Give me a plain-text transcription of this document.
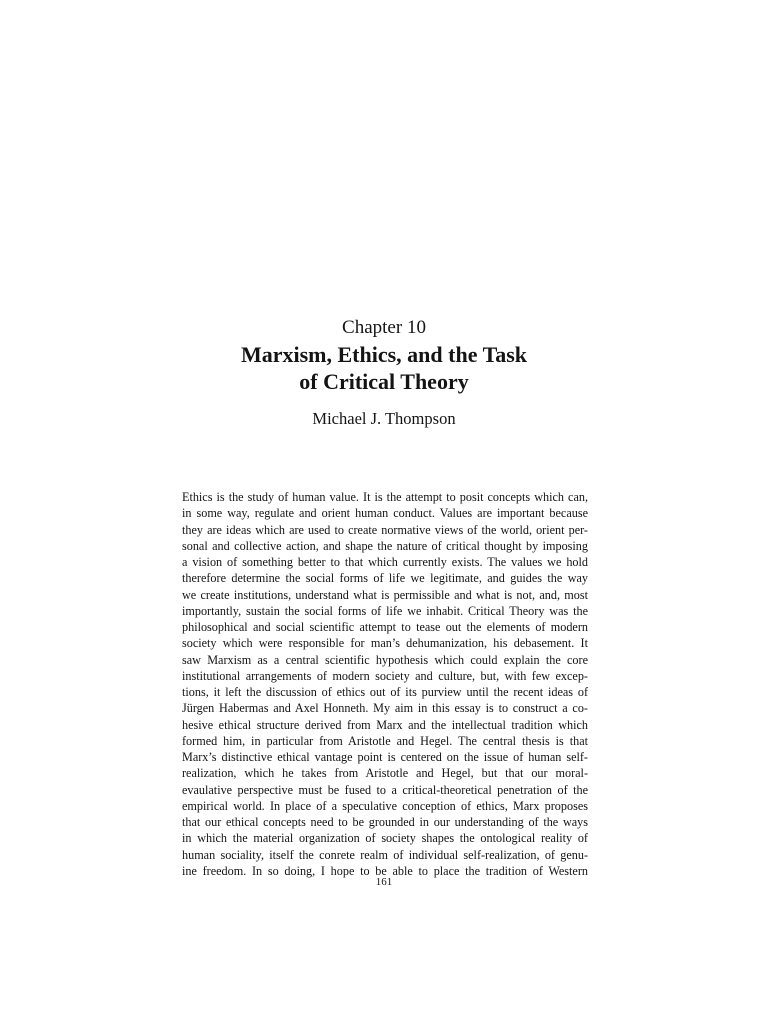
Chapter 10
Marxism, Ethics, and the Task
of Critical Theory
Michael J. Thompson
Ethics is the study of human value. It is the attempt to posit concepts which can,
in some way, regulate and orient human conduct. Values are important because
they are ideas which are used to create normative views of the world, orient per-
sonal and collective action, and shape the nature of critical thought by imposing
a vision of something better to that which currently exists. The values we hold
therefore determine the social forms of life we legitimate, and guides the way
we create institutions, understand what is permissible and what is not, and, most
importantly, sustain the social forms of life we inhabit. Critical Theory was the
philosophical and social scientific attempt to tease out the elements of modern
society which were responsible for man’s dehumanization, his debasement. It
saw Marxism as a central scientific hypothesis which could explain the core
institutional arrangements of modern society and culture, but, with few excep-
tions, it left the discussion of ethics out of its purview until the recent ideas of
Jürgen Habermas and Axel Honneth. My aim in this essay is to construct a co-
hesive ethical structure derived from Marx and the intellectual tradition which
formed him, in particular from Aristotle and Hegel. The central thesis is that
Marx’s distinctive ethical vantage point is centered on the issue of human self-
realization, which he takes from Aristotle and Hegel, but that our moral-
evaulative perspective must be fused to a critical-theoretical penetration of the
empirical world. In place of a speculative conception of ethics, Marx proposes
that our ethical concepts need to be grounded in our understanding of the ways
in which the material organization of society shapes the ontological reality of
human sociality, itself the conrete realm of individual self-realization, of genu-
ine freedom. In so doing, I hope to be able to place the tradition of Western
161
